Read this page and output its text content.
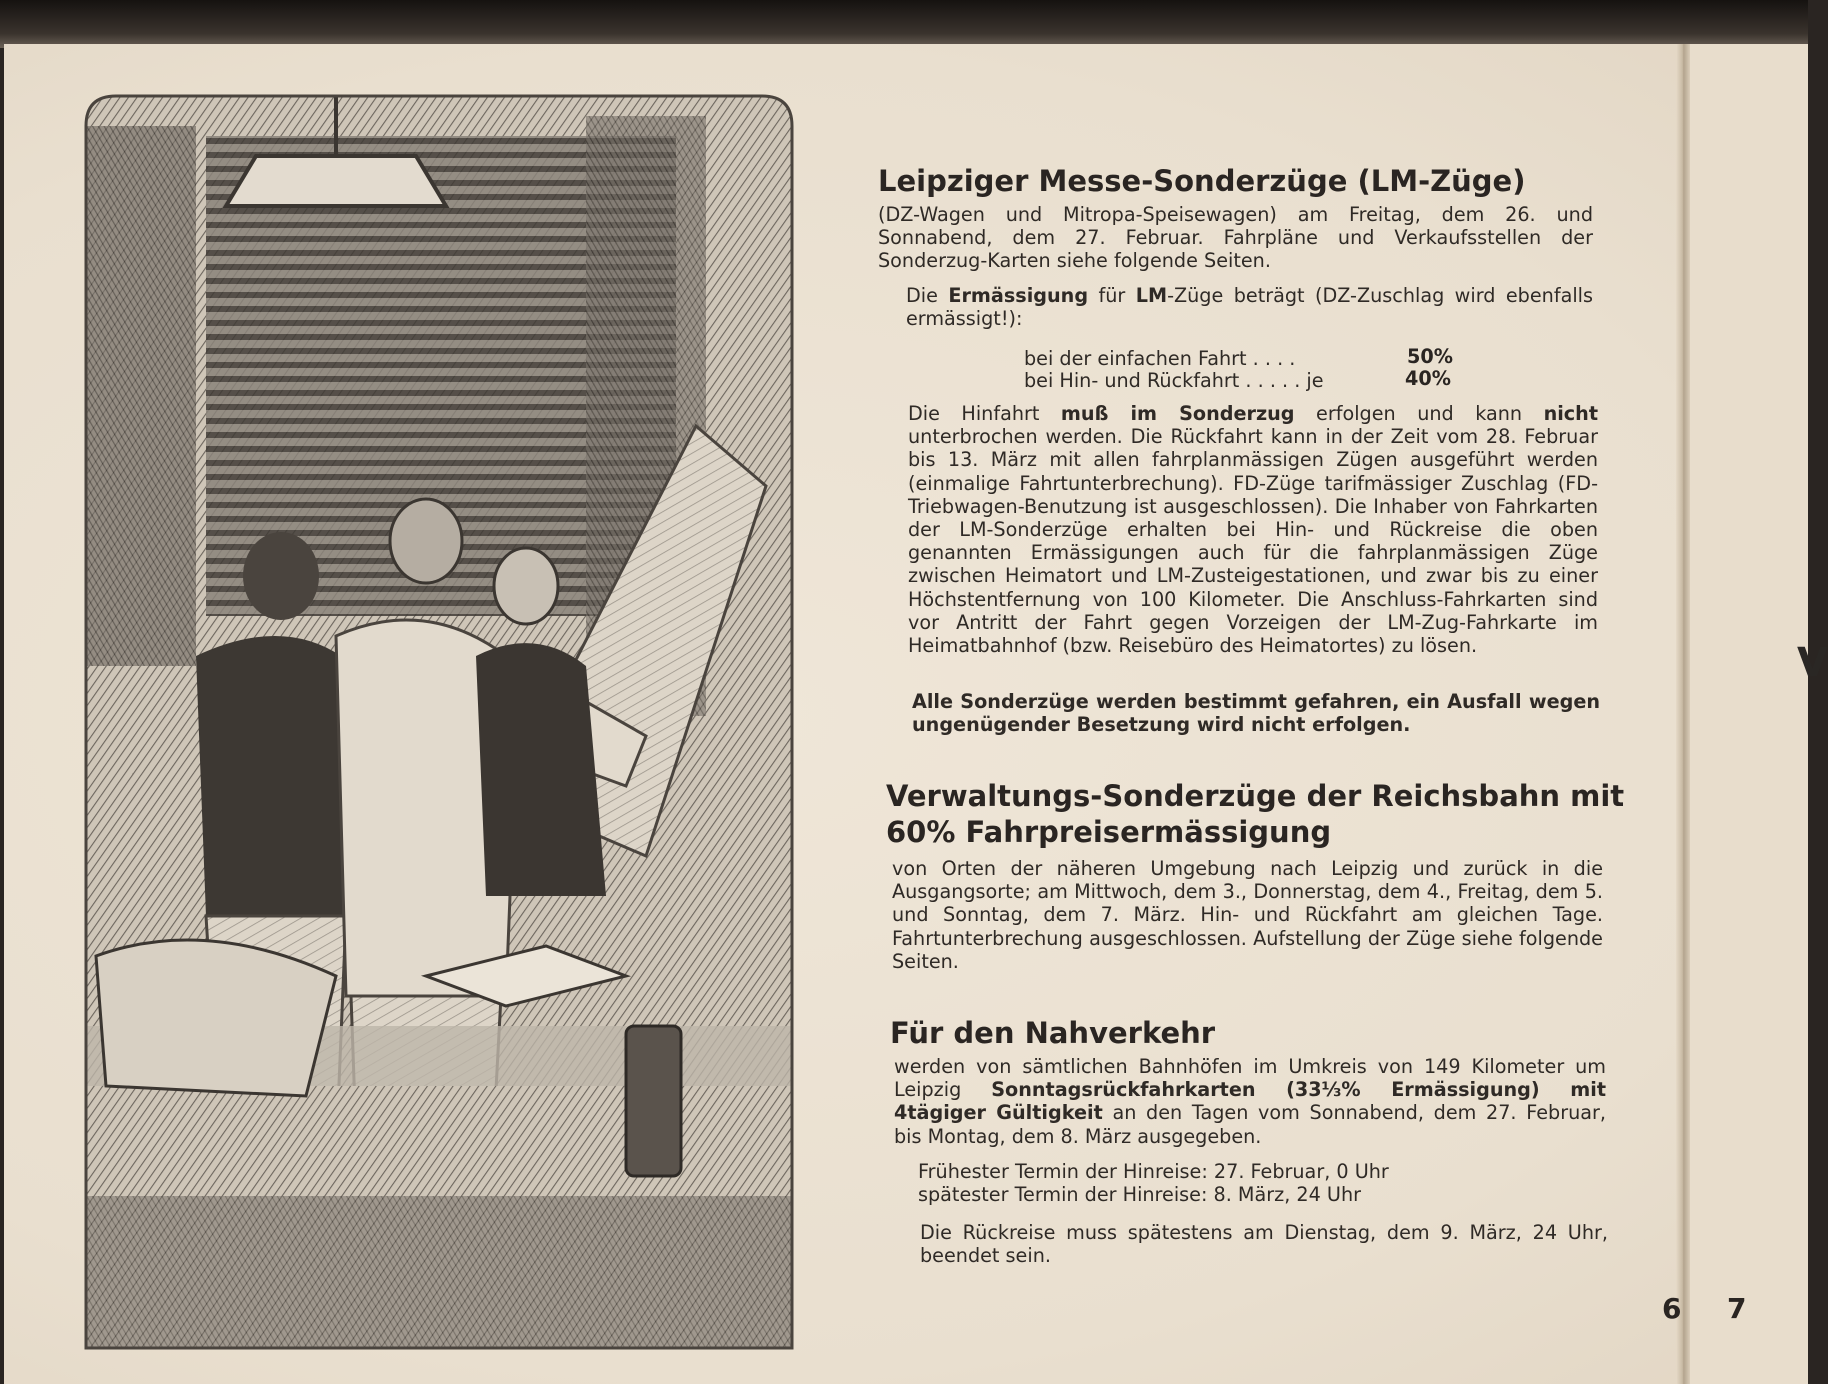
V
Leipziger Messe-Sonderzüge (LM-Züge)
(DZ-Wagen und Mitropa-Speisewagen) am Freitag, dem 26. und Sonnabend, dem 27. Februar. Fahrpläne und Verkaufsstellen der Sonderzug-Karten siehe folgende Seiten.
Die Ermässigung für LM-Züge beträgt (DZ-Zuschlag wird ebenfalls ermässigt!):
bei der einfachen Fahrt . . . .	50%
bei Hin- und Rückfahrt . . . . . je	40%
Die Hinfahrt muß im Sonderzug erfolgen und kann nicht unterbrochen werden. Die Rückfahrt kann in der Zeit vom 28. Februar bis 13. März mit allen fahrplanmässigen Zügen ausgeführt werden (einmalige Fahrtunterbrechung). FD-Züge tarifmässiger Zuschlag (FD-Triebwagen-Benutzung ist ausgeschlossen). Die Inhaber von Fahrkarten der LM-Sonderzüge erhalten bei Hin- und Rückreise die oben genannten Ermässigungen auch für die fahrplanmässigen Züge zwischen Heimatort und LM-Zusteigestationen, und zwar bis zu einer Höchstentfernung von 100 Kilometer. Die Anschluss-Fahrkarten sind vor Antritt der Fahrt gegen Vorzeigen der LM-Zug-Fahrkarte im Heimatbahnhof (bzw. Reisebüro des Heimatortes) zu lösen.
Alle Sonderzüge werden bestimmt gefahren, ein Ausfall wegen ungenügender Besetzung wird nicht erfolgen.
Verwaltungs-Sonderzüge der Reichsbahn mit
60% Fahrpreisermässigung
von Orten der näheren Umgebung nach Leipzig und zurück in die Ausgangsorte; am Mittwoch, dem 3., Donnerstag, dem 4., Freitag, dem 5. und Sonntag, dem 7. März. Hin- und Rückfahrt am gleichen Tage. Fahrtunterbrechung ausgeschlossen. Aufstellung der Züge siehe folgende Seiten.
Für den Nahverkehr
werden von sämtlichen Bahnhöfen im Umkreis von 149 Kilometer um Leipzig Sonntagsrückfahrkarten (33⅓% Ermässigung) mit 4tägiger Gültigkeit an den Tagen vom Sonnabend, dem 27. Februar, bis Montag, dem 8. März ausgegeben.
Frühester Termin der Hinreise: 27. Februar, 0 Uhr
spätester Termin der Hinreise: 8. März, 24 Uhr
Die Rückreise muss spätestens am Dienstag, dem 9. März, 24 Uhr, beendet sein.
6 7
